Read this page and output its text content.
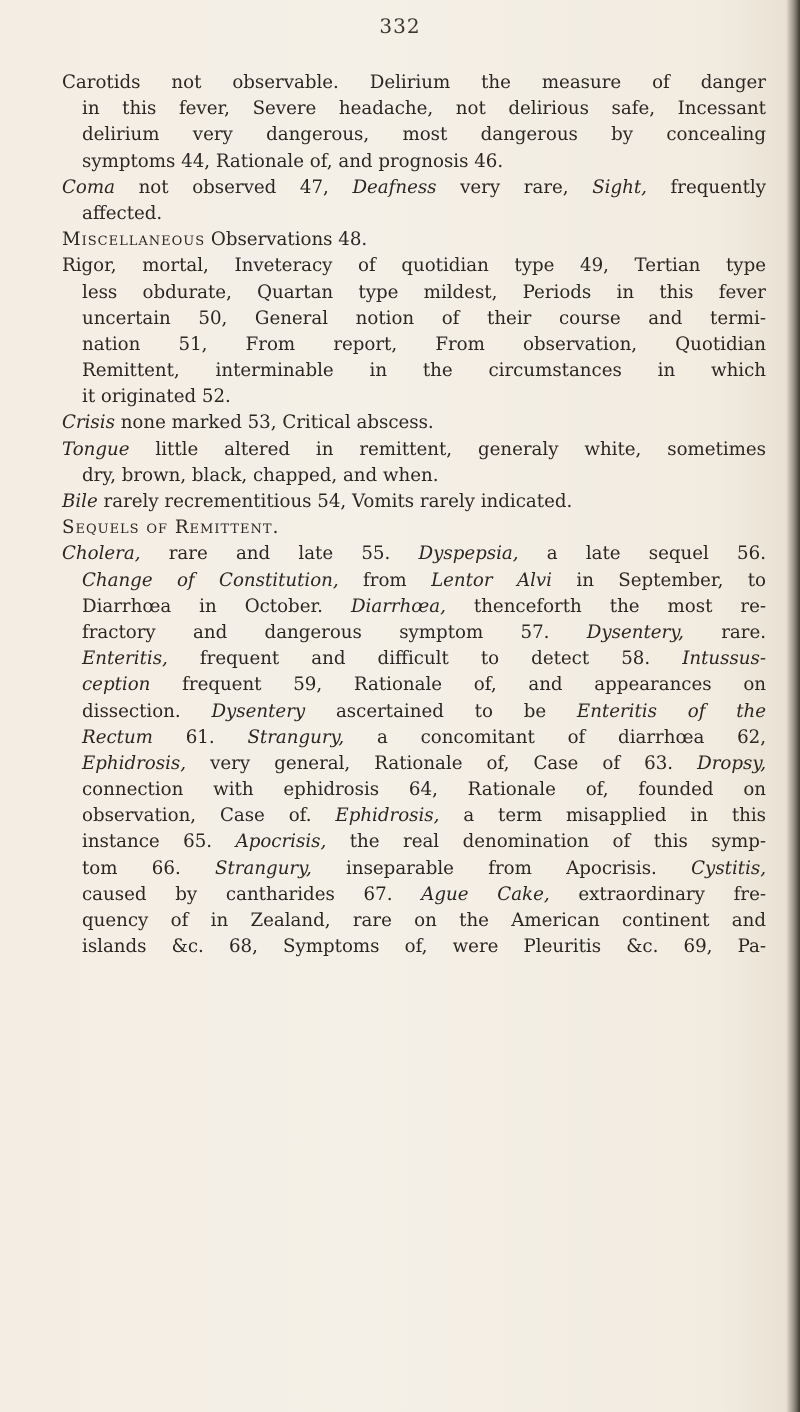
332
Carotids not observable. Delirium the measure of danger
in this fever, Severe headache, not delirious safe, Incessant
delirium very dangerous, most dangerous by concealing
symptoms 44, Rationale of, and prognosis 46.
Coma not observed 47, Deafness very rare, Sight, frequently
affected.
Miscellaneous Observations 48.
Rigor, mortal, Inveteracy of quotidian type 49, Tertian type
less obdurate, Quartan type mildest, Periods in this fever
uncertain 50, General notion of their course and termi-
nation 51, From report, From observation, Quotidian
Remittent, interminable in the circumstances in which
it originated 52.
Crisis none marked 53, Critical abscess.
Tongue little altered in remittent, generaly white, sometimes
dry, brown, black, chapped, and when.
Bile rarely recrementitious 54, Vomits rarely indicated.
Sequels of Remittent.
Cholera, rare and late 55. Dyspepsia, a late sequel 56.
Change of Constitution, from Lentor Alvi in September, to
Diarrhœa in October. Diarrhœa, thenceforth the most re-
fractory and dangerous symptom 57. Dysentery, rare.
Enteritis, frequent and difficult to detect 58. Intussus-
ception frequent 59, Rationale of, and appearances on
dissection. Dysentery ascertained to be Enteritis of the
Rectum 61. Strangury, a concomitant of diarrhœa 62,
Ephidrosis, very general, Rationale of, Case of 63. Dropsy,
connection with ephidrosis 64, Rationale of, founded on
observation, Case of. Ephidrosis, a term misapplied in this
instance 65. Apocrisis, the real denomination of this symp-
tom 66. Strangury, inseparable from Apocrisis. Cystitis,
caused by cantharides 67. Ague Cake, extraordinary fre-
quency of in Zealand, rare on the American continent and
islands &c. 68, Symptoms of, were Pleuritis &c. 69, Pa-
